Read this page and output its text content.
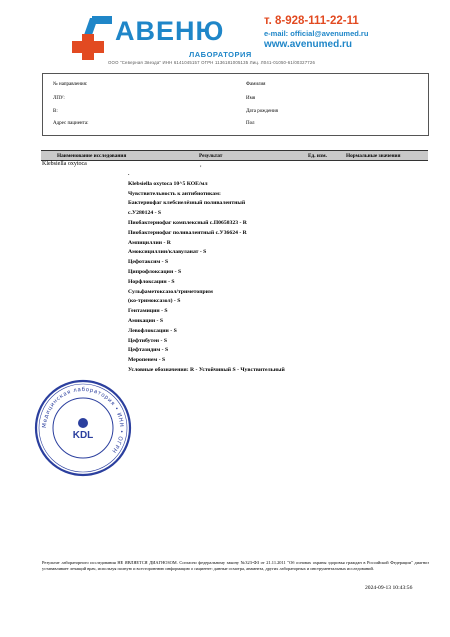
АВЕНЮ
ЛАБОРАТОРИЯ
т. 8-928-111-22-11
e-mail: official@avenumed.ru
www.avenumed.ru
ООО "Северная Звезда" ИНН 6141045157 ОГРН 1136181005135 Лиц. Л041-01050-61/00327726
№ направления:
ЛПУ:
В:
Адрес пациента:
Фамилия
Имя
Дата рождения
Пол
Наименование исследования	Результат	Ед. изм.	Нормальные значения
Klebsiella oxytoca	,
.
Klebsiella oxytoca 10^5 КОЕ/мл
Чувствительность к антибиотикам:
Бактериофаг клебсиелёзный поливалентный
с.У280124 - S
Пиобактериофаг комплексный с.П0650323 - R
Пиобактериофаг поливалентный с.У36624 - R
Ампициллин - R
Амоксициллин/клавуланат - S
Цефотаксим - S
Ципрофлоксацин - S
Норфлоксацин - S
Сульфаметоксазол/триметоприм
(ко-тримоксазол) - S
Гентамицин - S
Амикацин - S
Левофлоксацин - S
Цефтибутен - S
Цефтазидим - S
Меропенем - S
Условные обозначения: R - Устойчивый S - Чувствительный
Медицинская лаборатория • ИНН • ОГРН
KDL
Результат лабораторного исследования НЕ ЯВЛЯЕТСЯ ДИАГНОЗОМ. Согласно федеральному закону №323-ФЗ от 21.11.2011 "Об основах охраны здоровья граждан в Российской Федерации" диагноз устанавливает лечащий врач, используя полную и всестороннюю информацию о пациенте: данные осмотра, анамнеза, других лабораторных и инструментальных исследований.
2024-09-13 10:43:56
